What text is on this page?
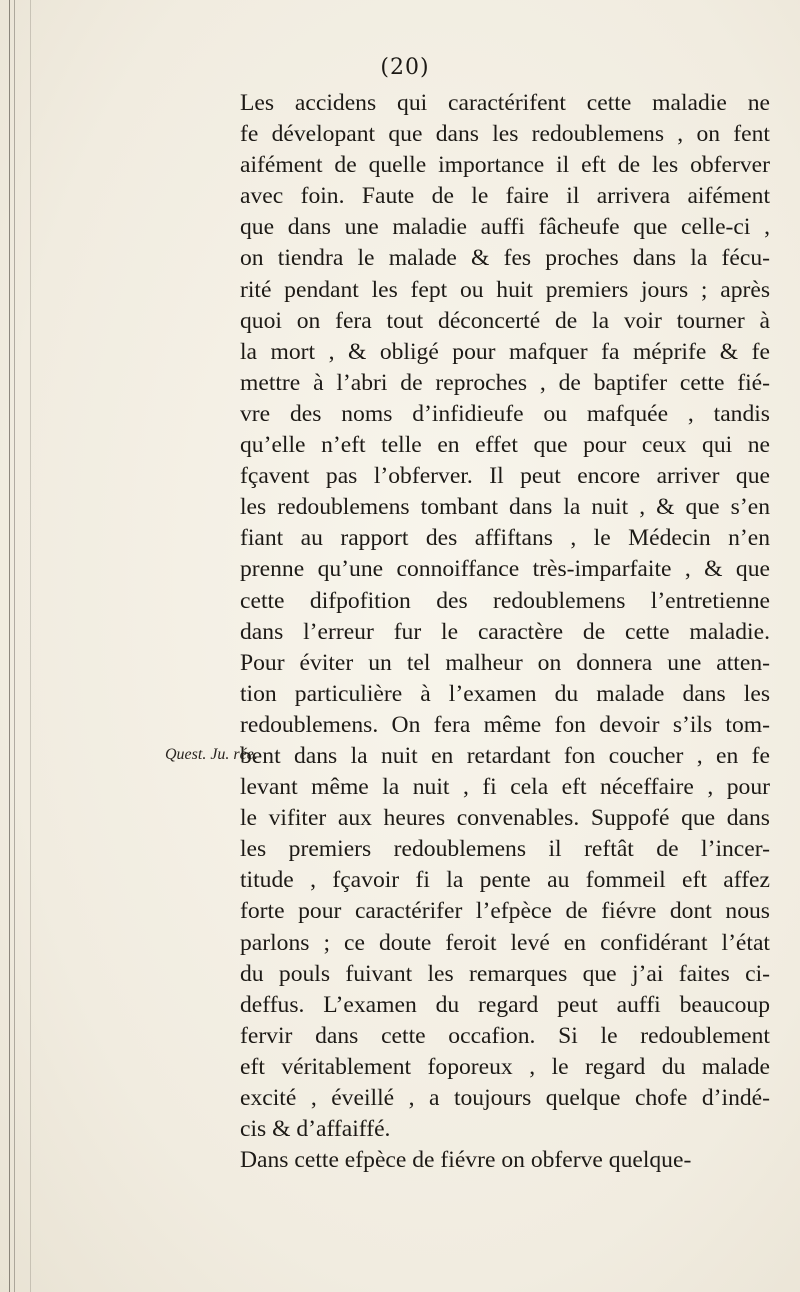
(20)
Quest. Ju. rée.
Les accidens qui caractérifent cette maladie ne
fe dévelopant que dans les redoublemens , on fent
aifément de quelle importance il eft de les obferver
avec foin. Faute de le faire il arrivera aifément
que dans une maladie auffi fâcheufe que celle-ci ,
on tiendra le malade & fes proches dans la fécu-
rité pendant les fept ou huit premiers jours ; après
quoi on fera tout déconcerté de la voir tourner à
la mort , & obligé pour mafquer fa méprife & fe
mettre à l’abri de reproches , de baptifer cette fié-
vre des noms d’infidieufe ou mafquée , tandis
qu’elle n’eft telle en effet que pour ceux qui ne
fçavent pas l’obferver. Il peut encore arriver que
les redoublemens tombant dans la nuit , & que s’en
fiant au rapport des affiftans , le Médecin n’en
prenne qu’une connoiffance très-imparfaite , & que
cette difpofition des redoublemens l’entretienne
dans l’erreur fur le caractère de cette maladie.
Pour éviter un tel malheur on donnera une atten-
tion particulière à l’examen du malade dans les
redoublemens. On fera même fon devoir s’ils tom-
bent dans la nuit en retardant fon coucher , en fe
levant même la nuit , fi cela eft néceffaire , pour
le vifiter aux heures convenables. Suppofé que dans
les premiers redoublemens il reftât de l’incer-
titude , fçavoir fi la pente au fommeil eft affez
forte pour caractérifer l’efpèce de fiévre dont nous
parlons ; ce doute feroit levé en confidérant l’état
du pouls fuivant les remarques que j’ai faites ci-
deffus. L’examen du regard peut auffi beaucoup
fervir dans cette occafion. Si le redoublement
eft véritablement foporeux , le regard du malade
excité , éveillé , a toujours quelque chofe d’indé-
cis & d’affaiffé.
Dans cette efpèce de fiévre on obferve quelque-
